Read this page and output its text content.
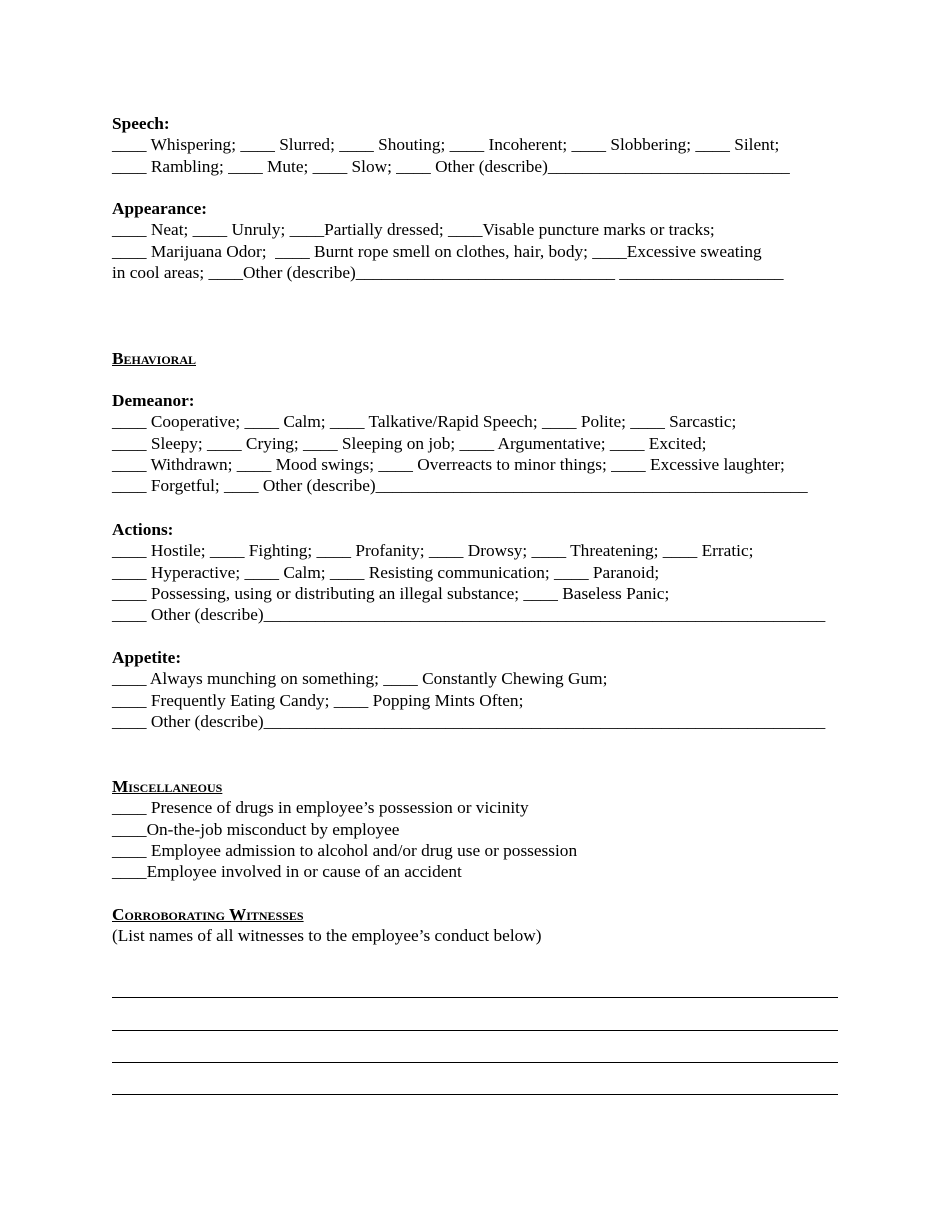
Speech:
____ Whispering; ____ Slurred; ____ Shouting; ____ Incoherent; ____ Slobbering; ____ Silent;
____ Rambling; ____ Mute; ____ Slow; ____ Other (describe)____________________________
Appearance:
____ Neat; ____ Unruly; ____Partially dressed; ____Visable puncture marks or tracks;
____ Marijuana Odor;  ____ Burnt rope smell on clothes, hair, body; ____Excessive sweating
in cool areas; ____Other (describe)______________________________ ___________________
Behavioral
Demeanor:
____ Cooperative; ____ Calm; ____ Talkative/Rapid Speech; ____ Polite; ____ Sarcastic;
____ Sleepy; ____ Crying; ____ Sleeping on job; ____ Argumentative; ____ Excited;
____ Withdrawn; ____ Mood swings; ____ Overreacts to minor things; ____ Excessive laughter;
____ Forgetful; ____ Other (describe)__________________________________________________
Actions:
____ Hostile; ____ Fighting; ____ Profanity; ____ Drowsy; ____ Threatening; ____ Erratic;
____ Hyperactive; ____ Calm; ____ Resisting communication; ____ Paranoid;
____ Possessing, using or distributing an illegal substance; ____ Baseless Panic;
____ Other (describe)_________________________________________________________________
Appetite:
____ Always munching on something; ____ Constantly Chewing Gum;
____ Frequently Eating Candy; ____ Popping Mints Often;
____ Other (describe)_________________________________________________________________
Miscellaneous
____ Presence of drugs in employee’s possession or vicinity
____On-the-job misconduct by employee
____ Employee admission to alcohol and/or drug use or possession
____Employee involved in or cause of an accident
Corroborating Witnesses
(List names of all witnesses to the employee’s conduct below)
